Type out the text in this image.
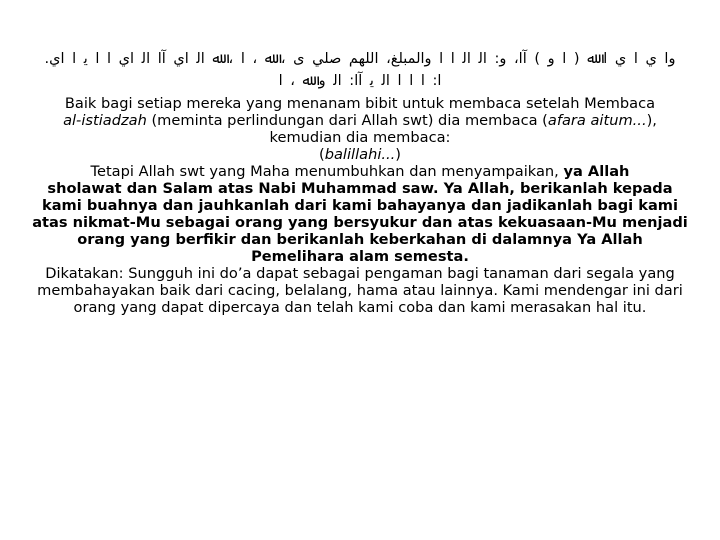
وا ي ا ي ا ﷲ ( ا و ) آا، و: ﺍﻟ ﺍﻟ ﺍ ﺍ والمبلغ، اللهم صلي ى ، ﷲ ، ا ، ﷲ ﺍﻟ ﺍﻱ ﺁﺍ ﺍﻟ ﺍﻱ ﺍ ﺍ ﻳ ﺍ ﺍﻱ.
ا: ا ا ا ﺍﻟ ﻳ ﺁﺍ: ﺍﻟ ﻭ ﷲ ، ا

Baik bagi setiap mereka yang menanam bibit untuk membaca setelah Membaca

al-istiadzah (meminta perlindungan dari Allah swt) dia membaca (afara aitum...),

kemudian dia membaca:

(balillahi...)

Tetapi Allah swt yang Maha menumbuhkan dan menyampaikan, ya Allah

sholawat dan Salam atas Nabi Muhammad saw. Ya Allah, berikanlah kepada kami buahnya dan jauhkanlah dari kami bahayanya dan jadikanlah bagi kami atas nikmat-Mu sebagai orang yang bersyukur dan atas kekuasaan-Mu menjadi orang yang berfikir dan berikanlah keberkahan di dalamnya Ya Allah Pemelihara alam semesta.

Dikatakan: Sungguh ini do’a dapat sebagai pengaman bagi tanaman dari segala yang membahayakan baik dari cacing, belalang, hama atau lainnya. Kami mendengar ini dari orang yang dapat dipercaya dan telah kami coba dan kami merasakan hal itu.
